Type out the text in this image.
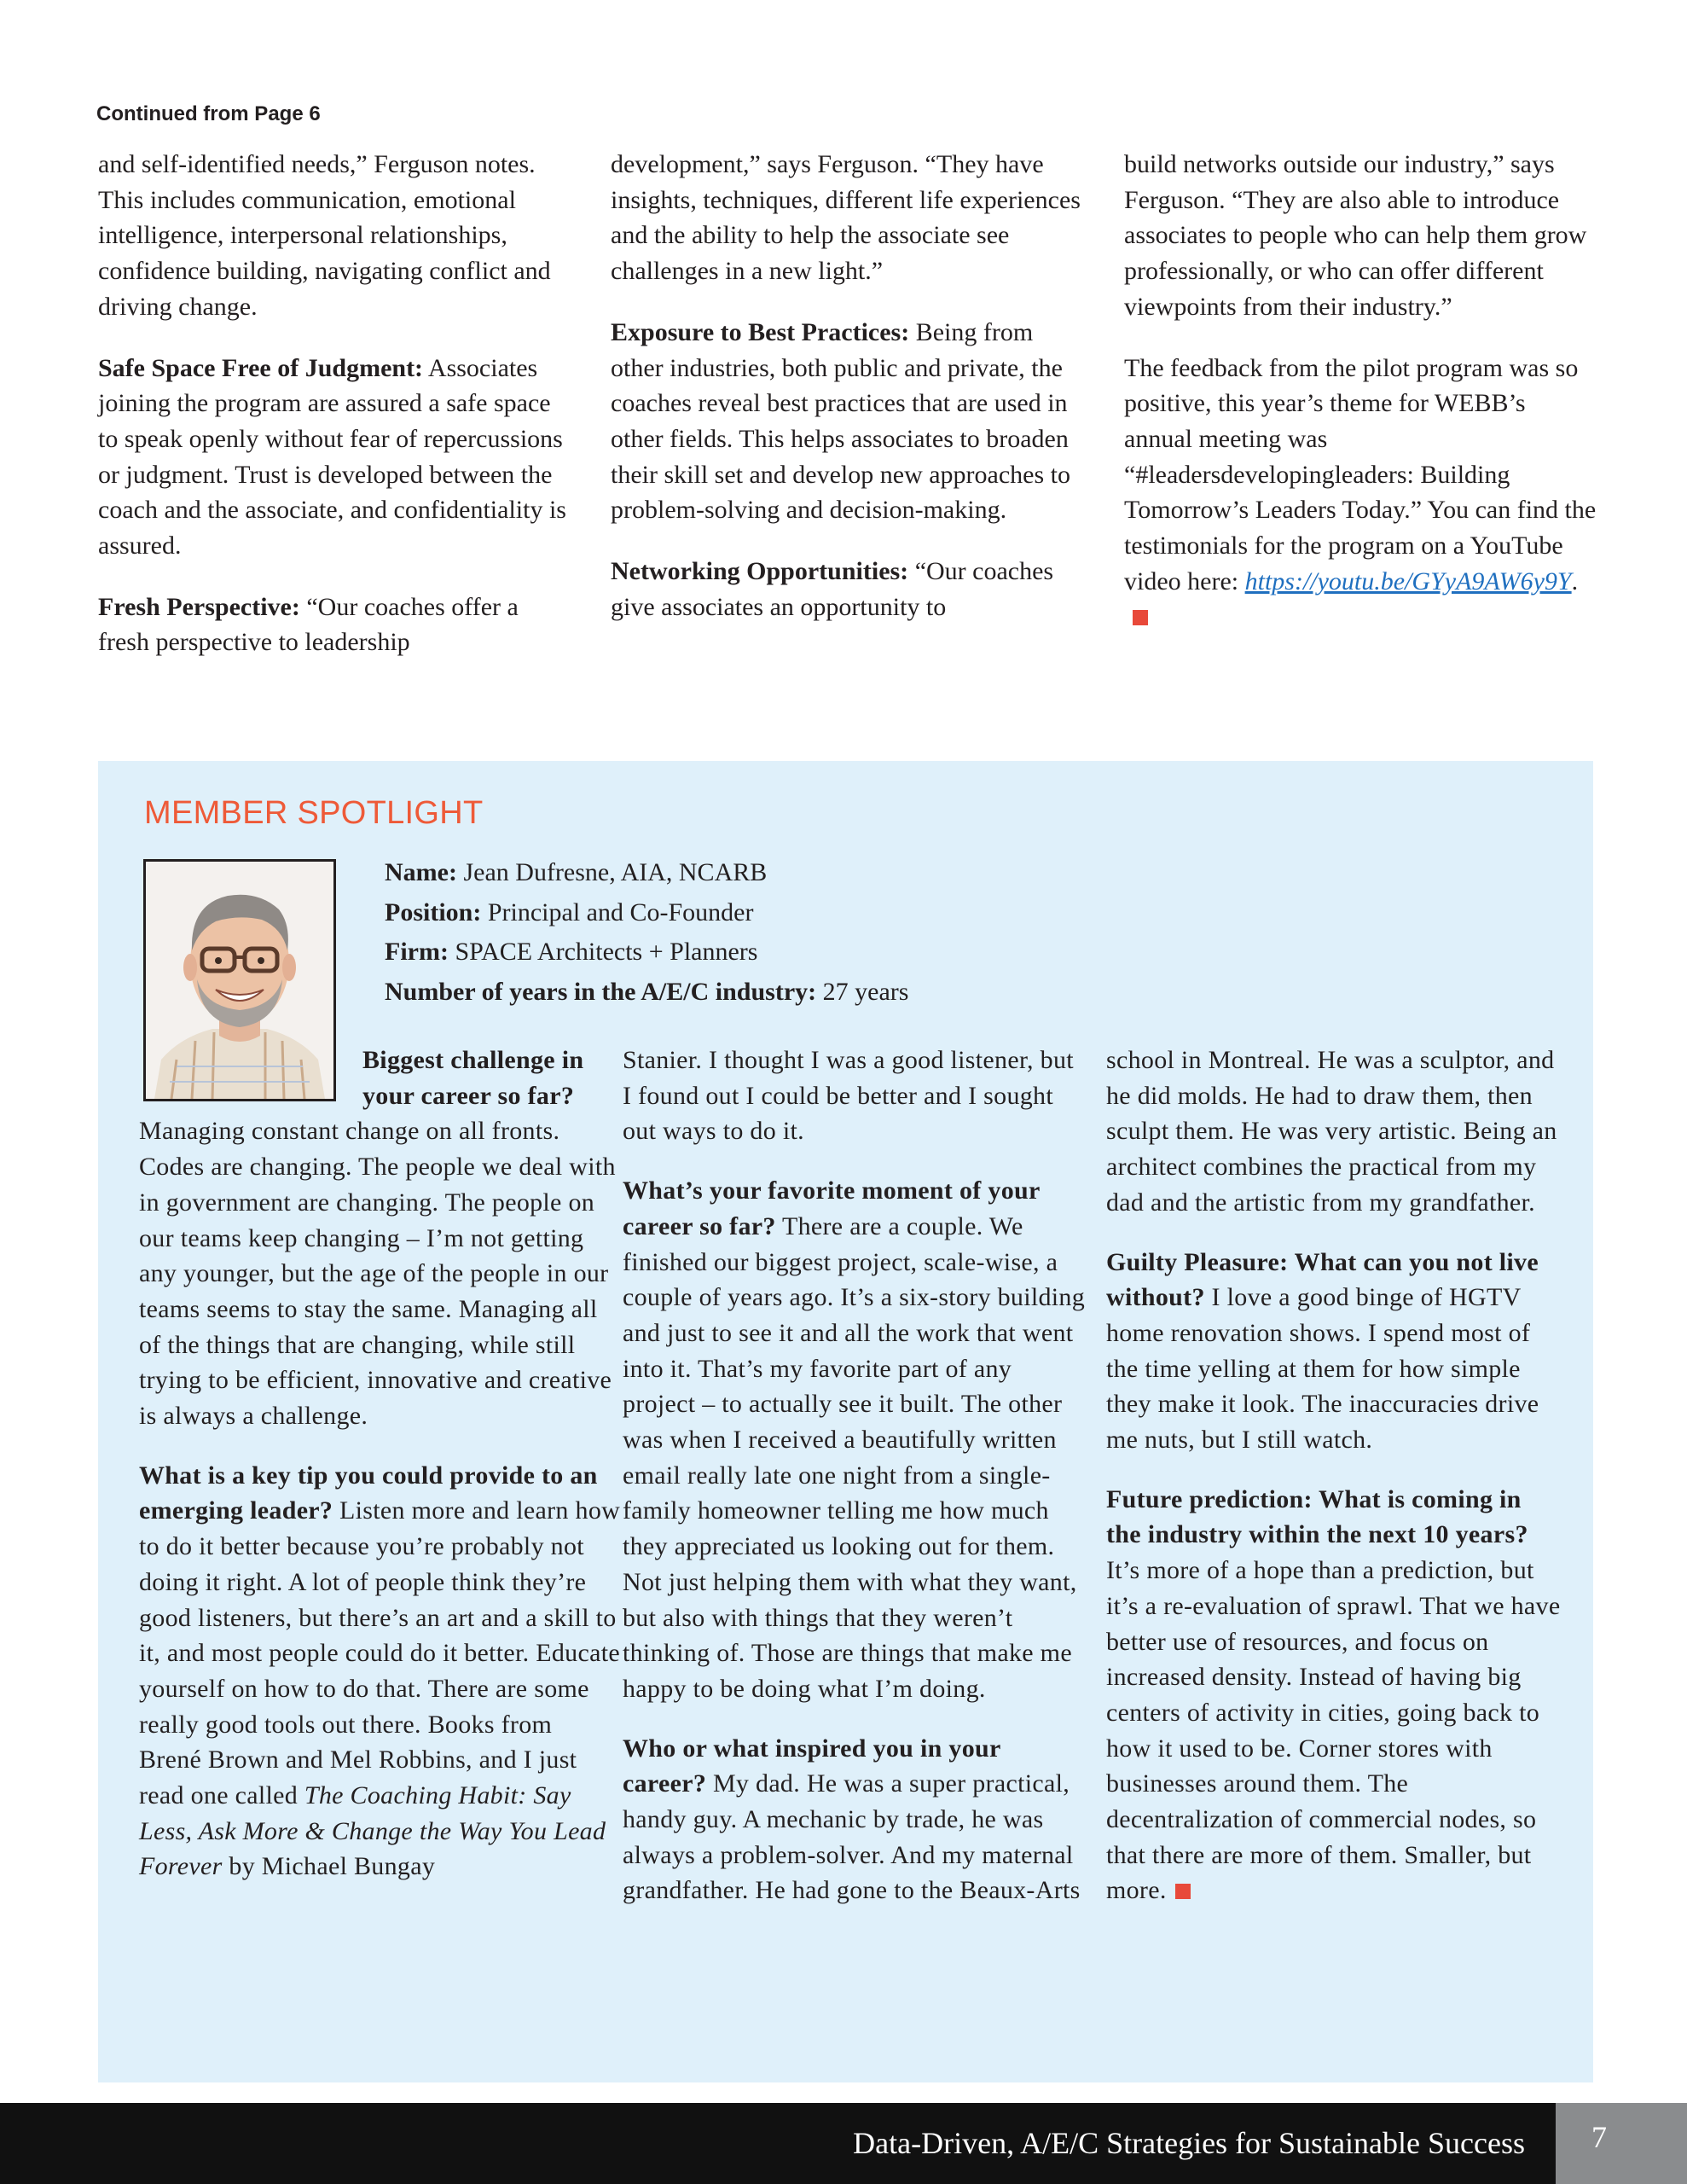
Continued from Page 6

and self-identified needs,” Ferguson notes. This includes communication, emotional intelligence, interpersonal relationships, confidence building, navigating conflict and driving change.

Safe Space Free of Judgment: Associates joining the program are assured a safe space to speak openly without fear of repercussions or judgment. Trust is developed between the coach and the associate, and confidentiality is assured.

Fresh Perspective: “Our coaches offer a fresh perspective to leadership

development,” says Ferguson. “They have insights, techniques, different life experiences and the ability to help the associate see challenges in a new light.”

Exposure to Best Practices: Being from other industries, both public and private, the coaches reveal best practices that are used in other fields. This helps associates to broaden their skill set and develop new approaches to problem-solving and decision-making.

Networking Opportunities: “Our coaches give associates an opportunity to

build networks outside our industry,” says Ferguson. “They are also able to introduce associates to people who can help them grow professionally, or who can offer different viewpoints from their industry.”

The feedback from the pilot program was so positive, this year’s theme for WEBB’s annual meeting was “#leadersdevelopingleaders: Building Tomorrow’s Leaders Today.” You can find the testimonials for the program on a YouTube video here: https://youtu.be/GYyA9AW6y9Y.

MEMBER SPOTLIGHT
Name: Jean Dufresne, AIA, NCARB
Position: Principal and Co-Founder
Firm: SPACE Architects + Planners
Number of years in the A/E/C industry: 27 years

Biggest challenge in your career so far? Managing constant change on all fronts. Codes are changing. The people we deal with in government are changing. The people on our teams keep changing – I’m not getting any younger, but the age of the people in our teams seems to stay the same. Managing all of the things that are changing, while still trying to be efficient, innovative and creative is always a challenge.

What is a key tip you could provide to an emerging leader? Listen more and learn how to do it better because you’re probably not doing it right. A lot of people think they’re good listeners, but there’s an art and a skill to it, and most people could do it better. Educate yourself on how to do that. There are some really good tools out there. Books from Brené Brown and Mel Robbins, and I just read one called The Coaching Habit: Say Less, Ask More & Change the Way You Lead Forever by Michael Bungay

Stanier. I thought I was a good listener, but I found out I could be better and I sought out ways to do it.

What’s your favorite moment of your career so far? There are a couple. We finished our biggest project, scale-wise, a couple of years ago. It’s a six-story building and just to see it and all the work that went into it. That’s my favorite part of any project – to actually see it built. The other was when I received a beautifully written email really late one night from a single-family homeowner telling me how much they appreciated us looking out for them. Not just helping them with what they want, but also with things that they weren’t thinking of. Those are things that make me happy to be doing what I’m doing.

Who or what inspired you in your career? My dad. He was a super practical, handy guy. A mechanic by trade, he was always a problem-solver. And my maternal grandfather. He had gone to the Beaux-Arts

school in Montreal. He was a sculptor, and he did molds. He had to draw them, then sculpt them. He was very artistic. Being an architect combines the practical from my dad and the artistic from my grandfather.

Guilty Pleasure: What can you not live without? I love a good binge of HGTV home renovation shows. I spend most of the time yelling at them for how simple they make it look. The inaccuracies drive me nuts, but I still watch.

Future prediction: What is coming in the industry within the next 10 years? It’s more of a hope than a prediction, but it’s a re-evaluation of sprawl. That we have better use of resources, and focus on increased density. Instead of having big centers of activity in cities, going back to how it used to be. Corner stores with businesses around them. The decentralization of commercial nodes, so that there are more of them. Smaller, but more.

Data-Driven, A/E/C Strategies for Sustainable Success	7
